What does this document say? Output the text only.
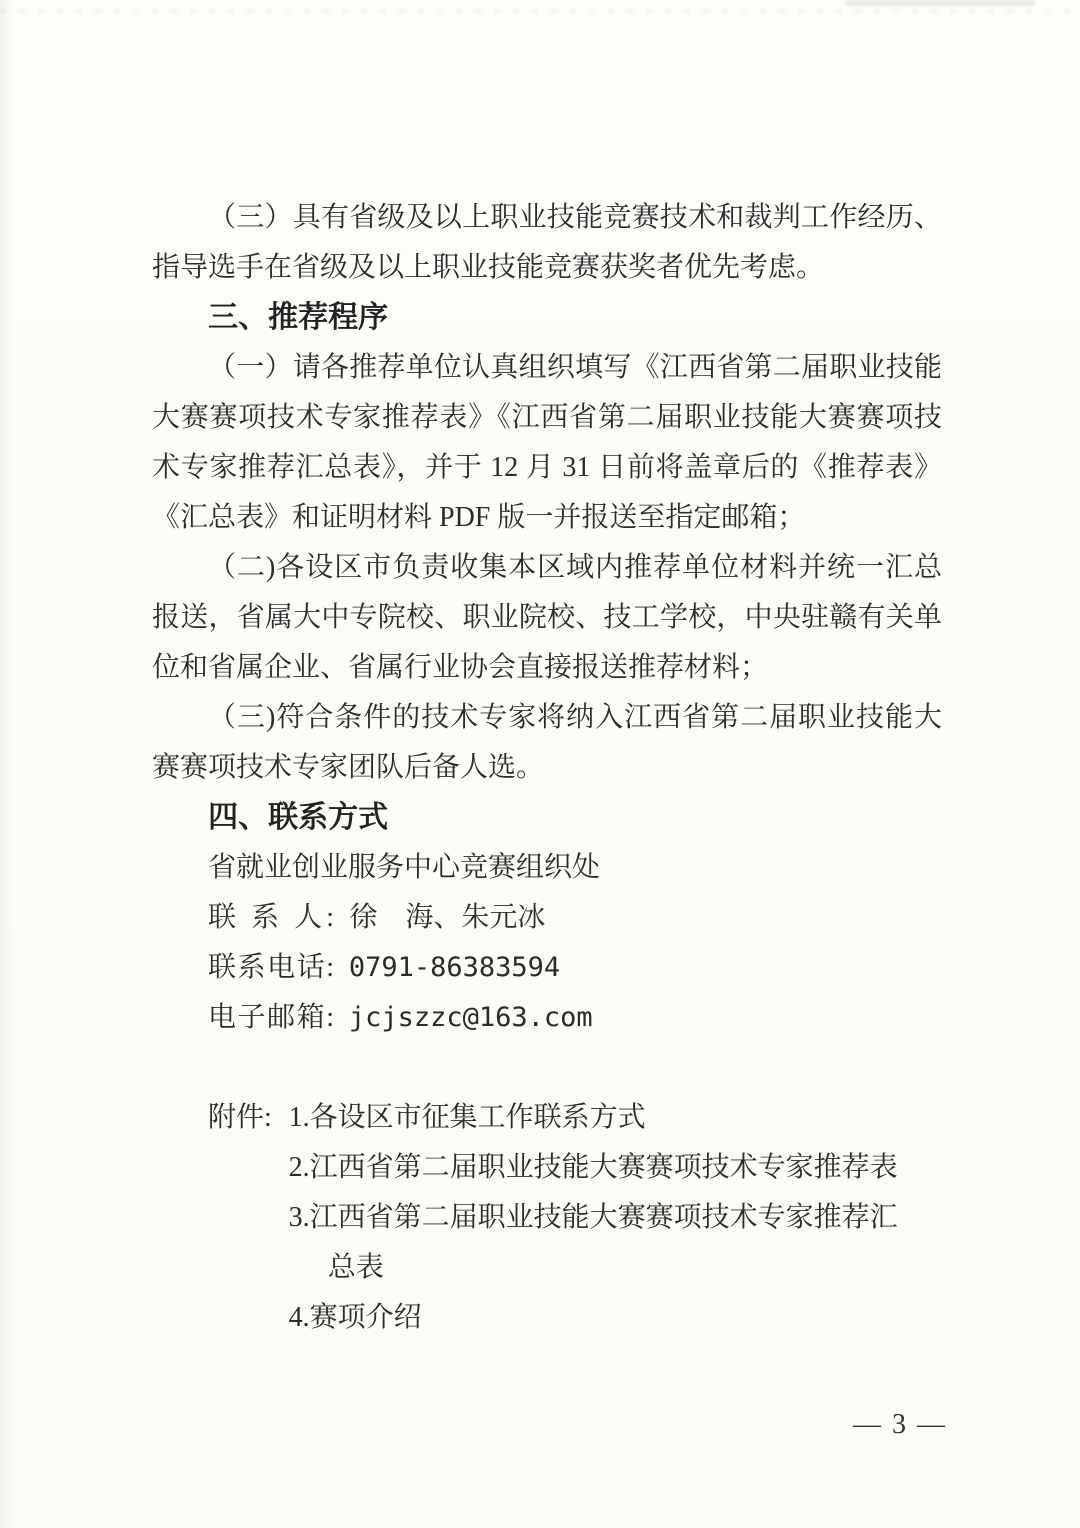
（三）具有省级及以上职业技能竞赛技术和裁判工作经历、指导选手在省级及以上职业技能竞赛获奖者优先考虑。

三、推荐程序

（一）请各推荐单位认真组织填写《江西省第二届职业技能大赛赛项技术专家推荐表》《江西省第二届职业技能大赛赛项技术专家推荐汇总表》，并于 12 月 31 日前将盖章后的《推荐表》《汇总表》和证明材料 PDF 版一并报送至指定邮箱；

（二)各设区市负责收集本区域内推荐单位材料并统一汇总报送，省属大中专院校、职业院校、技工学校，中央驻赣有关单位和省属企业、省属行业协会直接报送推荐材料；

（三)符合条件的技术专家将纳入江西省第二届职业技能大赛赛项技术专家团队后备人选。

四、联系方式

省就业创业服务中心竞赛组织处

联 系 人: 徐　海、朱元冰

联系电话: 0791-86383594

电子邮箱: jcjszzc@163.com

附件: 1.各设区市征集工作联系方式
2.江西省第二届职业技能大赛赛项技术专家推荐表
3.江西省第二届职业技能大赛赛项技术专家推荐汇总表
4.赛项介绍
— 3 —
